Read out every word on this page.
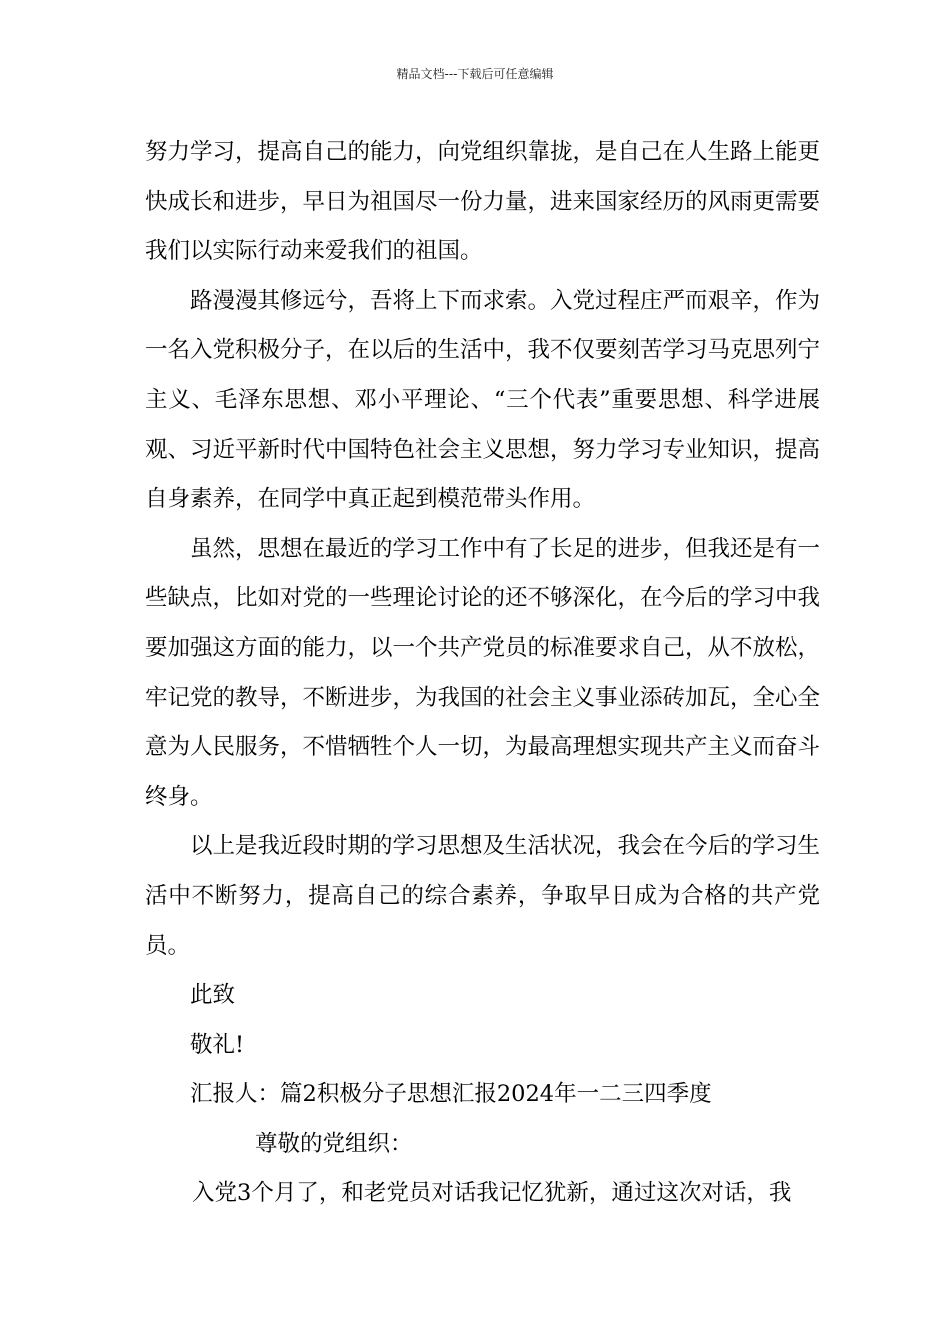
精品文档---下载后可任意编辑

努力学习，提高自己的能力，向党组织靠拢，是自己在人生路上能更快成长和进步，早日为祖国尽一份力量，进来国家经历的风雨更需要我们以实际行动来爱我们的祖国。

路漫漫其修远兮，吾将上下而求索。入党过程庄严而艰辛，作为一名入党积极分子，在以后的生活中，我不仅要刻苦学习马克思列宁主义、毛泽东思想、邓小平理论、“三个代表”重要思想、科学进展观、习近平新时代中国特色社会主义思想，努力学习专业知识，提高自身素养，在同学中真正起到模范带头作用。

虽然，思想在最近的学习工作中有了长足的进步，但我还是有一些缺点，比如对党的一些理论讨论的还不够深化，在今后的学习中我要加强这方面的能力，以一个共产党员的标准要求自己，从不放松，牢记党的教导，不断进步，为我国的社会主义事业添砖加瓦，全心全意为人民服务，不惜牺牲个人一切，为最高理想实现共产主义而奋斗终身。

以上是我近段时期的学习思想及生活状况，我会在今后的学习生活中不断努力，提高自己的综合素养，争取早日成为合格的共产党员。

此致

敬礼!

汇报人：篇2积极分子思想汇报2024年一二三四季度

尊敬的党组织：

入党3个月了，和老党员对话我记忆犹新，通过这次对话，我
